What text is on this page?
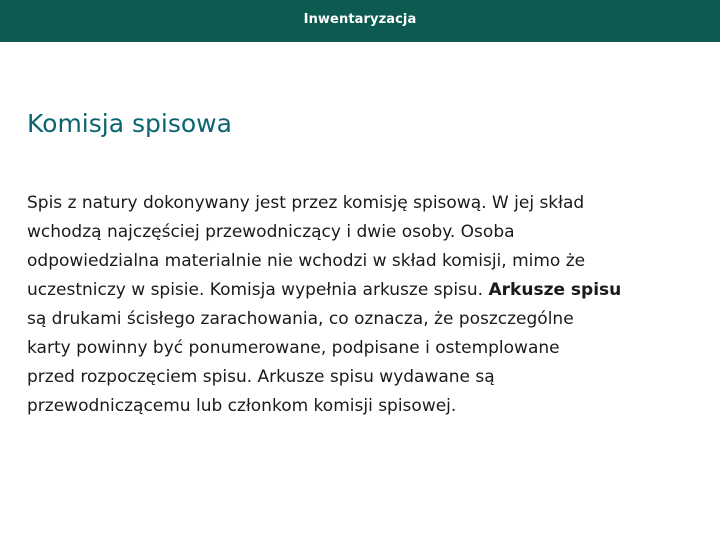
Inwentaryzacja
Komisja spisowa

Spis z natury dokonywany jest przez komisję spisową. W jej skład
wchodzą najczęściej przewodniczący i dwie osoby. Osoba
odpowiedzialna materialnie nie wchodzi w skład komisji, mimo że
uczestniczy w spisie. Komisja wypełnia arkusze spisu. Arkusze spisu
są drukami ścisłego zarachowania, co oznacza, że poszczególne
karty powinny być ponumerowane, podpisane i ostemplowane
przed rozpoczęciem spisu. Arkusze spisu wydawane są
przewodniczącemu lub członkom komisji spisowej.
